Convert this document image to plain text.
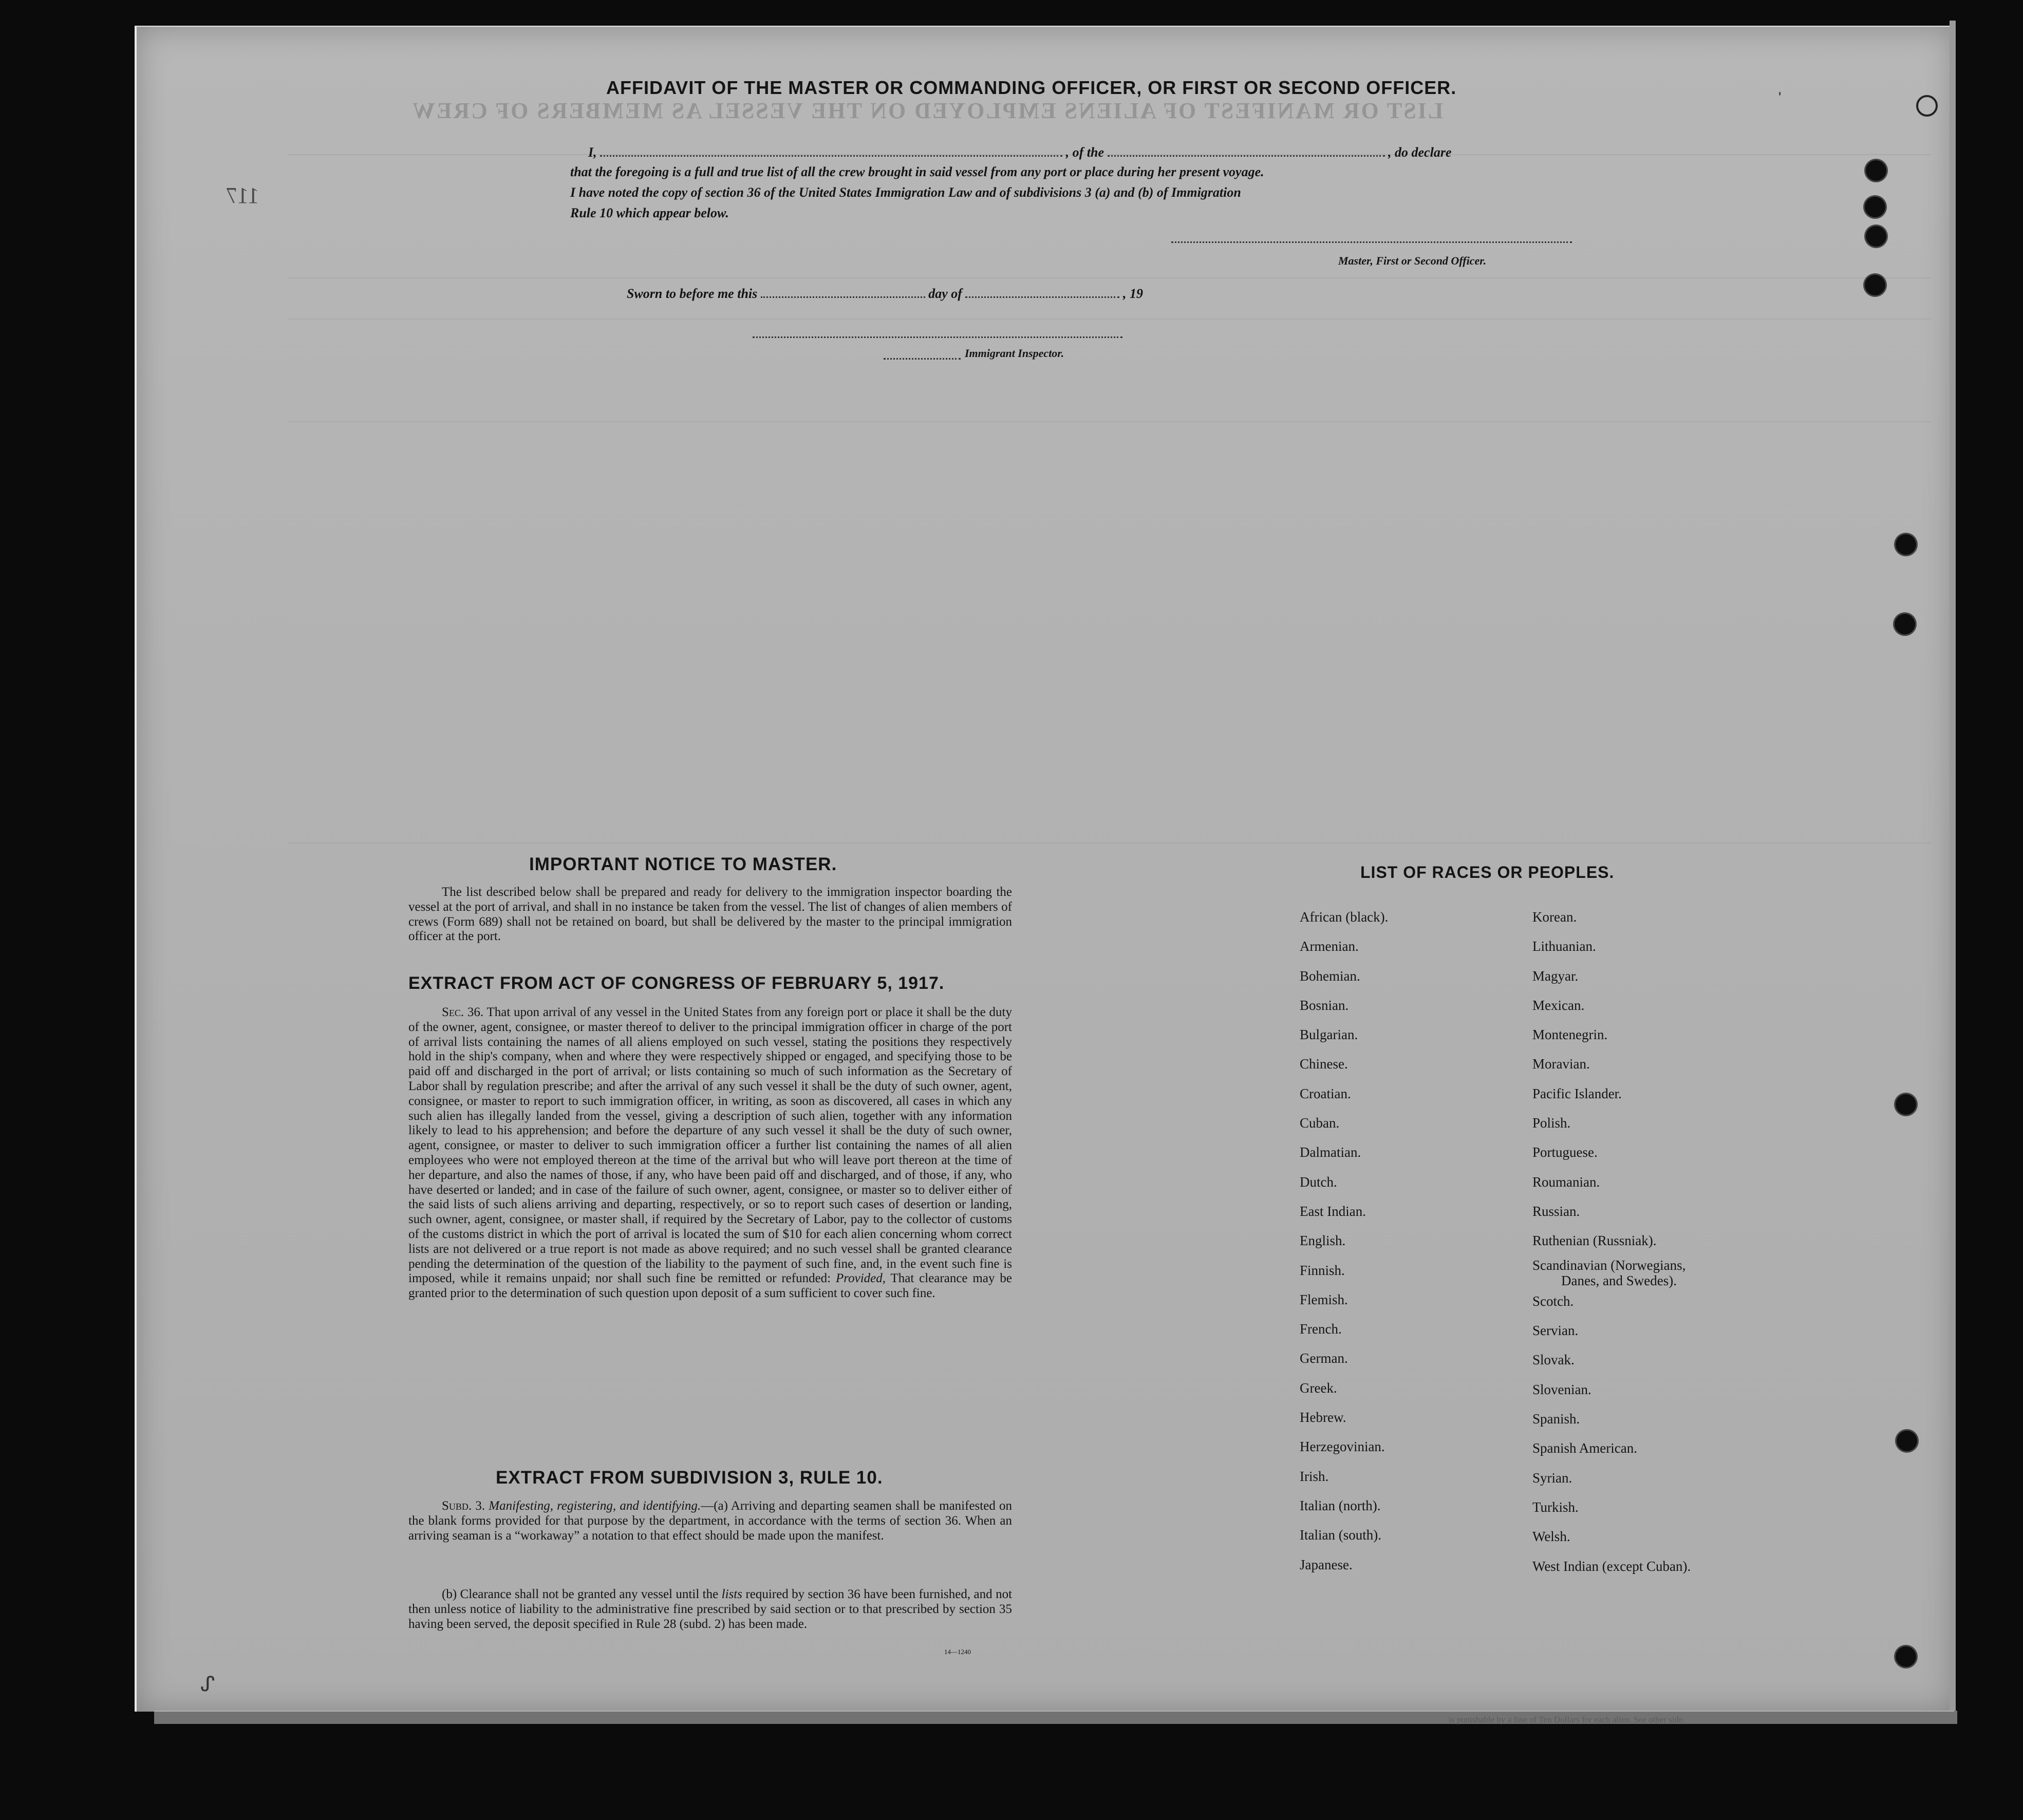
LIST OR MANIFEST OF ALIENS EMPLOYED ON THE VESSEL AS MEMBERS OF CREW
117
ˈ
AFFIDAVIT OF THE MASTER OR COMMANDING OFFICER, OR FIRST OR SECOND OFFICER.
I,	, of the	, do declare
that the foregoing is a full and true list of all the crew brought in said vessel from any port or place during her present voyage.
I have noted the copy of section 36 of the United States Immigration Law and of subdivisions 3 (a) and (b) of Immigration
Rule 10 which appear below.
Master, First or Second Officer.
Sworn to before me this	day of	, 19
Immigrant Inspector.
IMPORTANT NOTICE TO MASTER.
The list described below shall be prepared and ready for delivery to the immigration inspector boarding the vessel at the port of arrival, and shall in no instance be taken from the vessel. The list of changes of alien members of crews (Form 689) shall not be retained on board, but shall be delivered by the master to the principal immigration officer at the port.
EXTRACT FROM ACT OF CONGRESS OF FEBRUARY 5, 1917.
Sec. 36. That upon arrival of any vessel in the United States from any foreign port or place it shall be the duty of the owner, agent, consignee, or master thereof to deliver to the principal immigration officer in charge of the port of arrival lists containing the names of all aliens employed on such vessel, stating the positions they respectively hold in the ship's company, when and where they were respectively shipped or engaged, and specifying those to be paid off and discharged in the port of arrival; or lists containing so much of such information as the Secretary of Labor shall by regulation prescribe; and after the arrival of any such vessel it shall be the duty of such owner, agent, consignee, or master to report to such immigration officer, in writing, as soon as discovered, all cases in which any such alien has illegally landed from the vessel, giving a description of such alien, together with any information likely to lead to his apprehension; and before the departure of any such vessel it shall be the duty of such owner, agent, consignee, or master to deliver to such immigration officer a further list containing the names of all alien employees who were not employed thereon at the time of the arrival but who will leave port thereon at the time of her departure, and also the names of those, if any, who have been paid off and discharged, and of those, if any, who have deserted or landed; and in case of the failure of such owner, agent, consignee, or master so to deliver either of the said lists of such aliens arriving and departing, respectively, or so to report such cases of desertion or landing, such owner, agent, consignee, or master shall, if required by the Secretary of Labor, pay to the collector of customs of the customs district in which the port of arrival is located the sum of $10 for each alien concerning whom correct lists are not delivered or a true report is not made as above required; and no such vessel shall be granted clearance pending the determination of the question of the liability to the payment of such fine, and, in the event such fine is imposed, while it remains unpaid; nor shall such fine be remitted or refunded: Provided, That clearance may be granted prior to the determination of such question upon deposit of a sum sufficient to cover such fine.
EXTRACT FROM SUBDIVISION 3, RULE 10.
Subd. 3. Manifesting, registering, and identifying.—(a) Arriving and departing seamen shall be manifested on the blank forms provided for that purpose by the department, in accordance with the terms of section 36. When an arriving seaman is a “workaway” a notation to that effect should be made upon the manifest.
(b) Clearance shall not be granted any vessel until the lists required by section 36 have been furnished, and not then unless notice of liability to the administrative fine prescribed by said section or to that prescribed by section 35 having been served, the deposit specified in Rule 28 (subd. 2) has been made.
14—1240
LIST OF RACES OR PEOPLES.
African (black).
Armenian.
Bohemian.
Bosnian.
Bulgarian.
Chinese.
Croatian.
Cuban.
Dalmatian.
Dutch.
East Indian.
English.
Finnish.
Flemish.
French.
German.
Greek.
Hebrew.
Herzegovinian.
Irish.
Italian (north).
Italian (south).
Japanese.
Korean.
Lithuanian.
Magyar.
Mexican.
Montenegrin.
Moravian.
Pacific Islander.
Polish.
Portuguese.
Roumanian.
Russian.
Ruthenian (Russniak).
Scandinavian (Norwegians,

Danes, and Swedes).
Scotch.
Servian.
Slovak.
Slovenian.
Spanish.
Spanish American.
Syrian.
Turkish.
Welsh.
West Indian (except Cuban).
is punishable by a fine of Ten Dollars for each alien. See other side.
ᔑ
